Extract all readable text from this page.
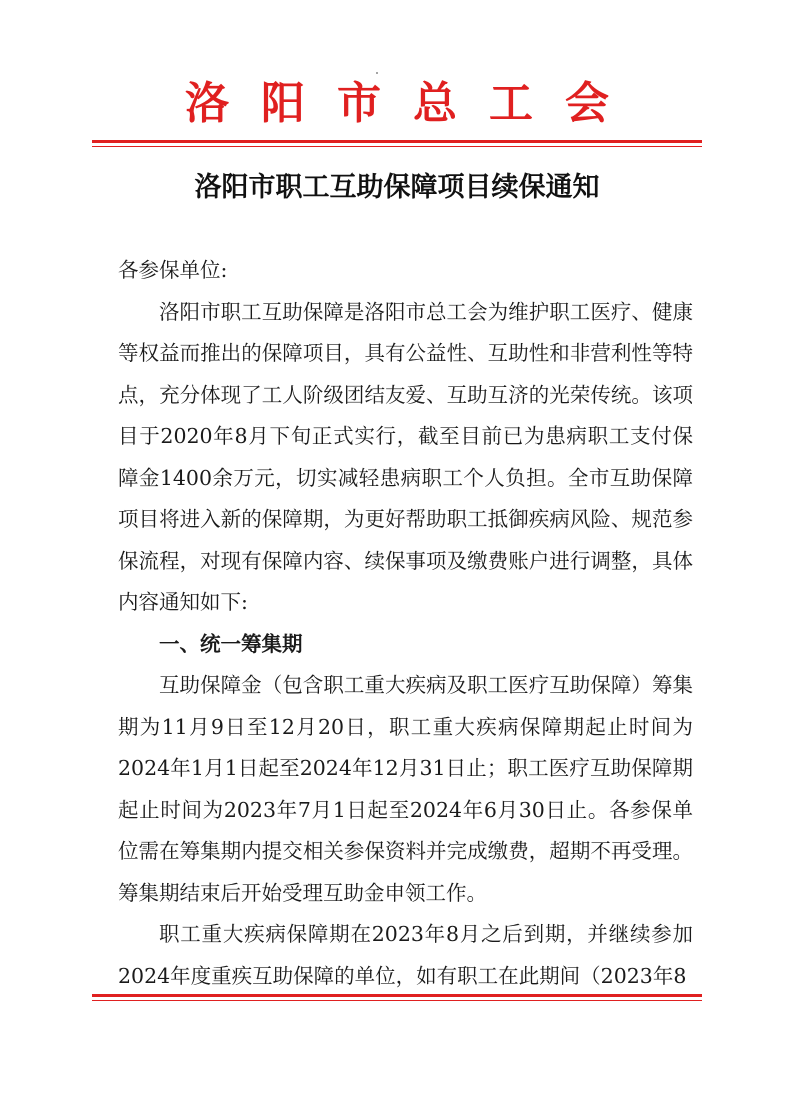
洛阳市总工会
洛阳市职工互助保障项目续保通知

各参保单位:

洛阳市职工互助保障是洛阳市总工会为维护职工医疗、健康等权益而推出的保障项目，具有公益性、互助性和非营利性等特点，充分体现了工人阶级团结友爱、互助互济的光荣传统。该项目于2020年8月下旬正式实行，截至目前已为患病职工支付保障金1400余万元，切实减轻患病职工个人负担。全市互助保障项目将进入新的保障期，为更好帮助职工抵御疾病风险、规范参保流程，对现有保障内容、续保事项及缴费账户进行调整，具体内容通知如下:

一、统一筹集期

互助保障金（包含职工重大疾病及职工医疗互助保障）筹集期为11月9日至12月20日，职工重大疾病保障期起止时间为2024年1月1日起至2024年12月31日止；职工医疗互助保障期起止时间为2023年7月1日起至2024年6月30日止。各参保单位需在筹集期内提交相关参保资料并完成缴费，超期不再受理。筹集期结束后开始受理互助金申领工作。

职工重大疾病保障期在2023年8月之后到期，并继续参加2024年度重疾互助保障的单位，如有职工在此期间（2023年8
